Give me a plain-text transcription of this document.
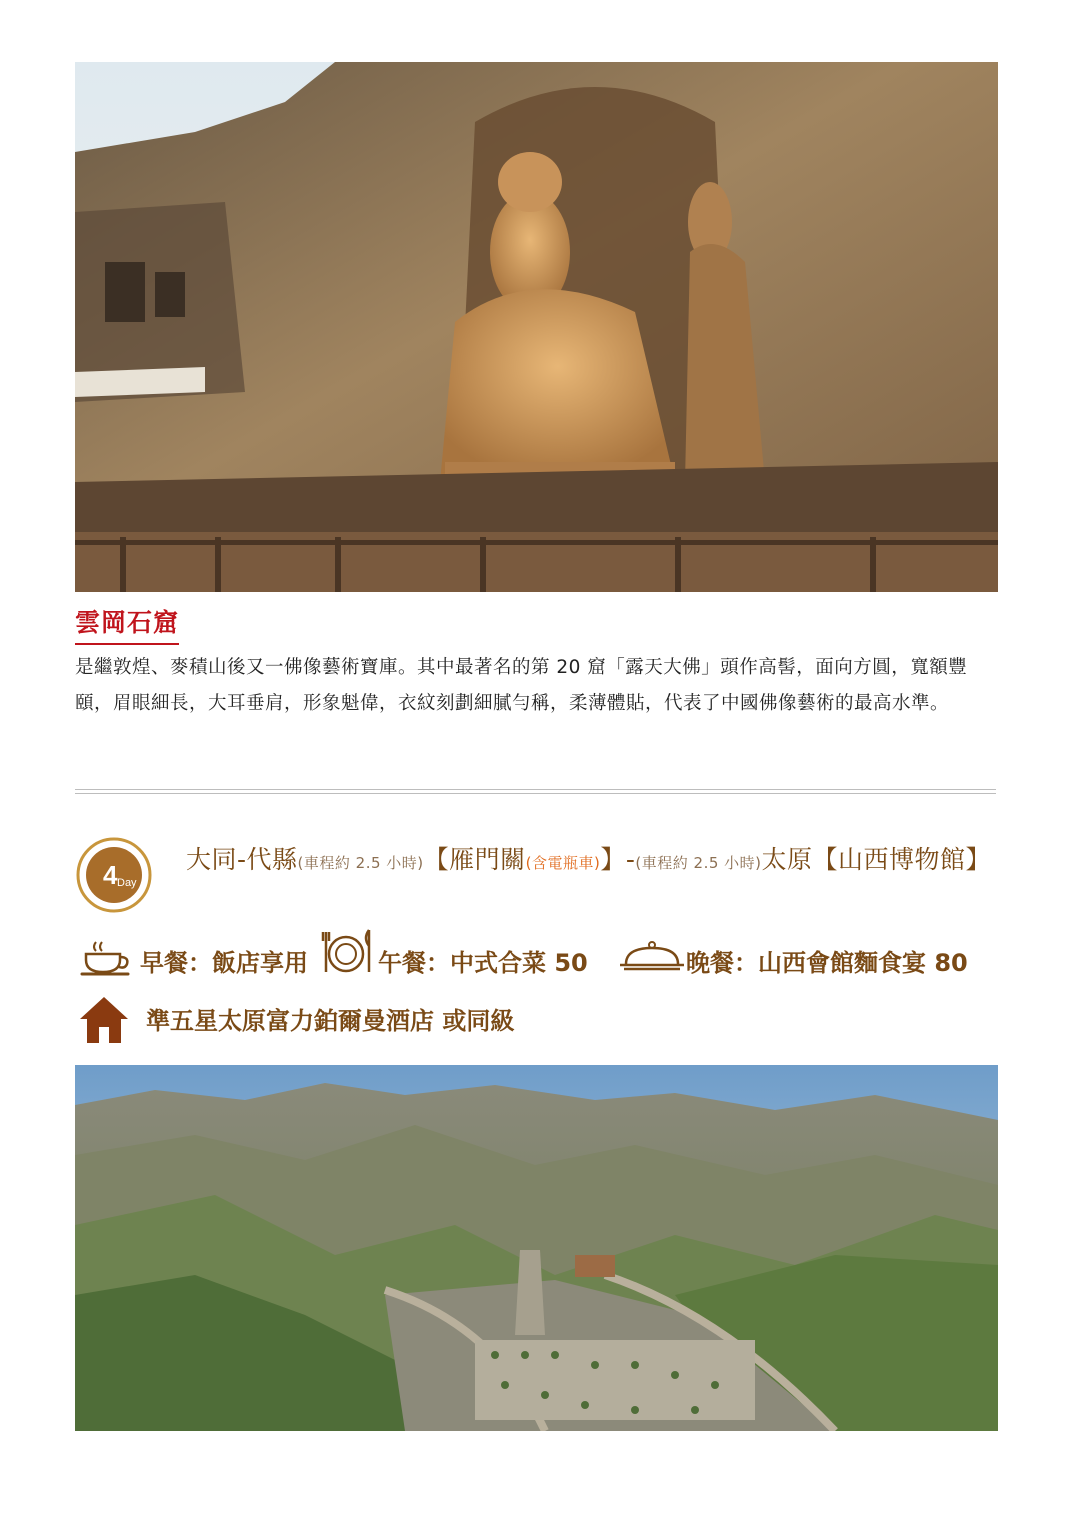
雲岡石窟
是繼敦煌、麥積山後又一佛像藝術寶庫。其中最著名的第 20 窟「露天大佛」頭作高髻，面向方圓，寬額豐頤，眉眼細長，大耳垂肩，形象魁偉，衣紋刻劃細膩勻稱，柔薄體貼，代表了中國佛像藝術的最高水準。
4 Day
大同-代縣(車程約 2.5 小時)【雁門關(含電瓶車)】-(車程約 2.5 小時)太原【山西博物館】
早餐：飯店享用	午餐：中式合菜 50	晚餐：山西會館麵食宴 80
準五星太原富力鉑爾曼酒店 或同級
